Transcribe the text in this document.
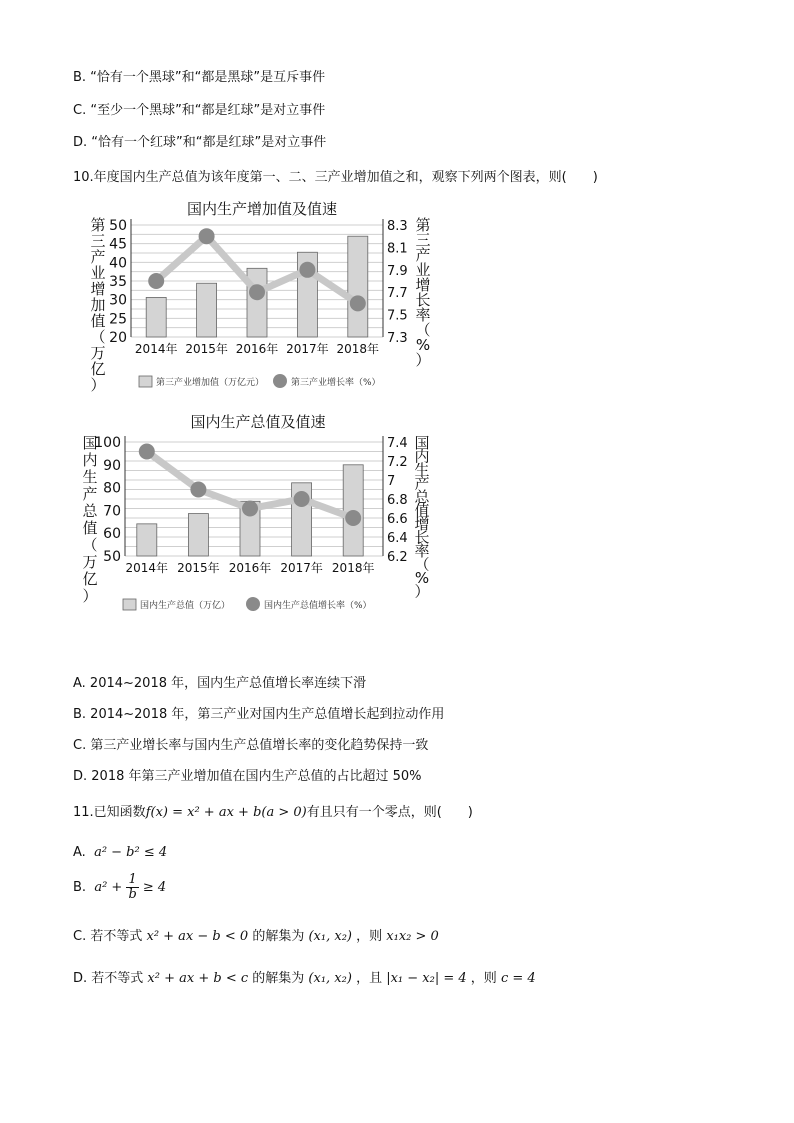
B. “恰有一个黑球”和“都是黑球”是互斥事件
C. “至少一个黑球”和“都是红球”是对立事件
D. “恰有一个红球”和“都是红球”是对立事件
10.年度国内生产总值为该年度第一、二、三产业增加值之和，观察下列两个图表，则(　　)
国内生产增加值及值速
50
45
40
35
30
25
20
8.3
8.1
7.9
7.7
7.5
7.3
2014年 2015年 2016年 2017年 2018年
第
三
产
业
增
加
值
（
万
亿
）
第
三
产
业
增
长
率
（
%
）
第三产业增加值（万亿元）	第三产业增长率（%）
国内生产总值及值速
100
90
80
70
60
50
7.4
7.2
7
6.8
6.6
6.4
6.2
2014年 2015年 2016年 2017年 2018年
国
内
生
产
总
值
（
万
亿
）
国
内
生
产
总
值
增
长
率
（
%
）
国内生产总值（万亿）	国内生产总值增长率（%）
A. 2014~2018 年，国内生产总值增长率连续下滑
B. 2014~2018 年，第三产业对国内生产总值增长起到拉动作用
C. 第三产业增长率与国内生产总值增长率的变化趋势保持一致
D. 2018 年第三产业增加值在国内生产总值的占比超过 50%
11.已知函数f(x) = x² + ax + b(a > 0)有且只有一个零点，则(　　)
A. a² − b² ≤ 4
B. $a^2 + \frac{1}{b} \ge 4$
C. 若不等式 x² + ax − b < 0 的解集为 (x₁, x₂) ，则 x₁x₂ > 0
D. 若不等式 x² + ax + b < c 的解集为 (x₁, x₂) ，且 |x₁ − x₂| = 4 ，则 c = 4
